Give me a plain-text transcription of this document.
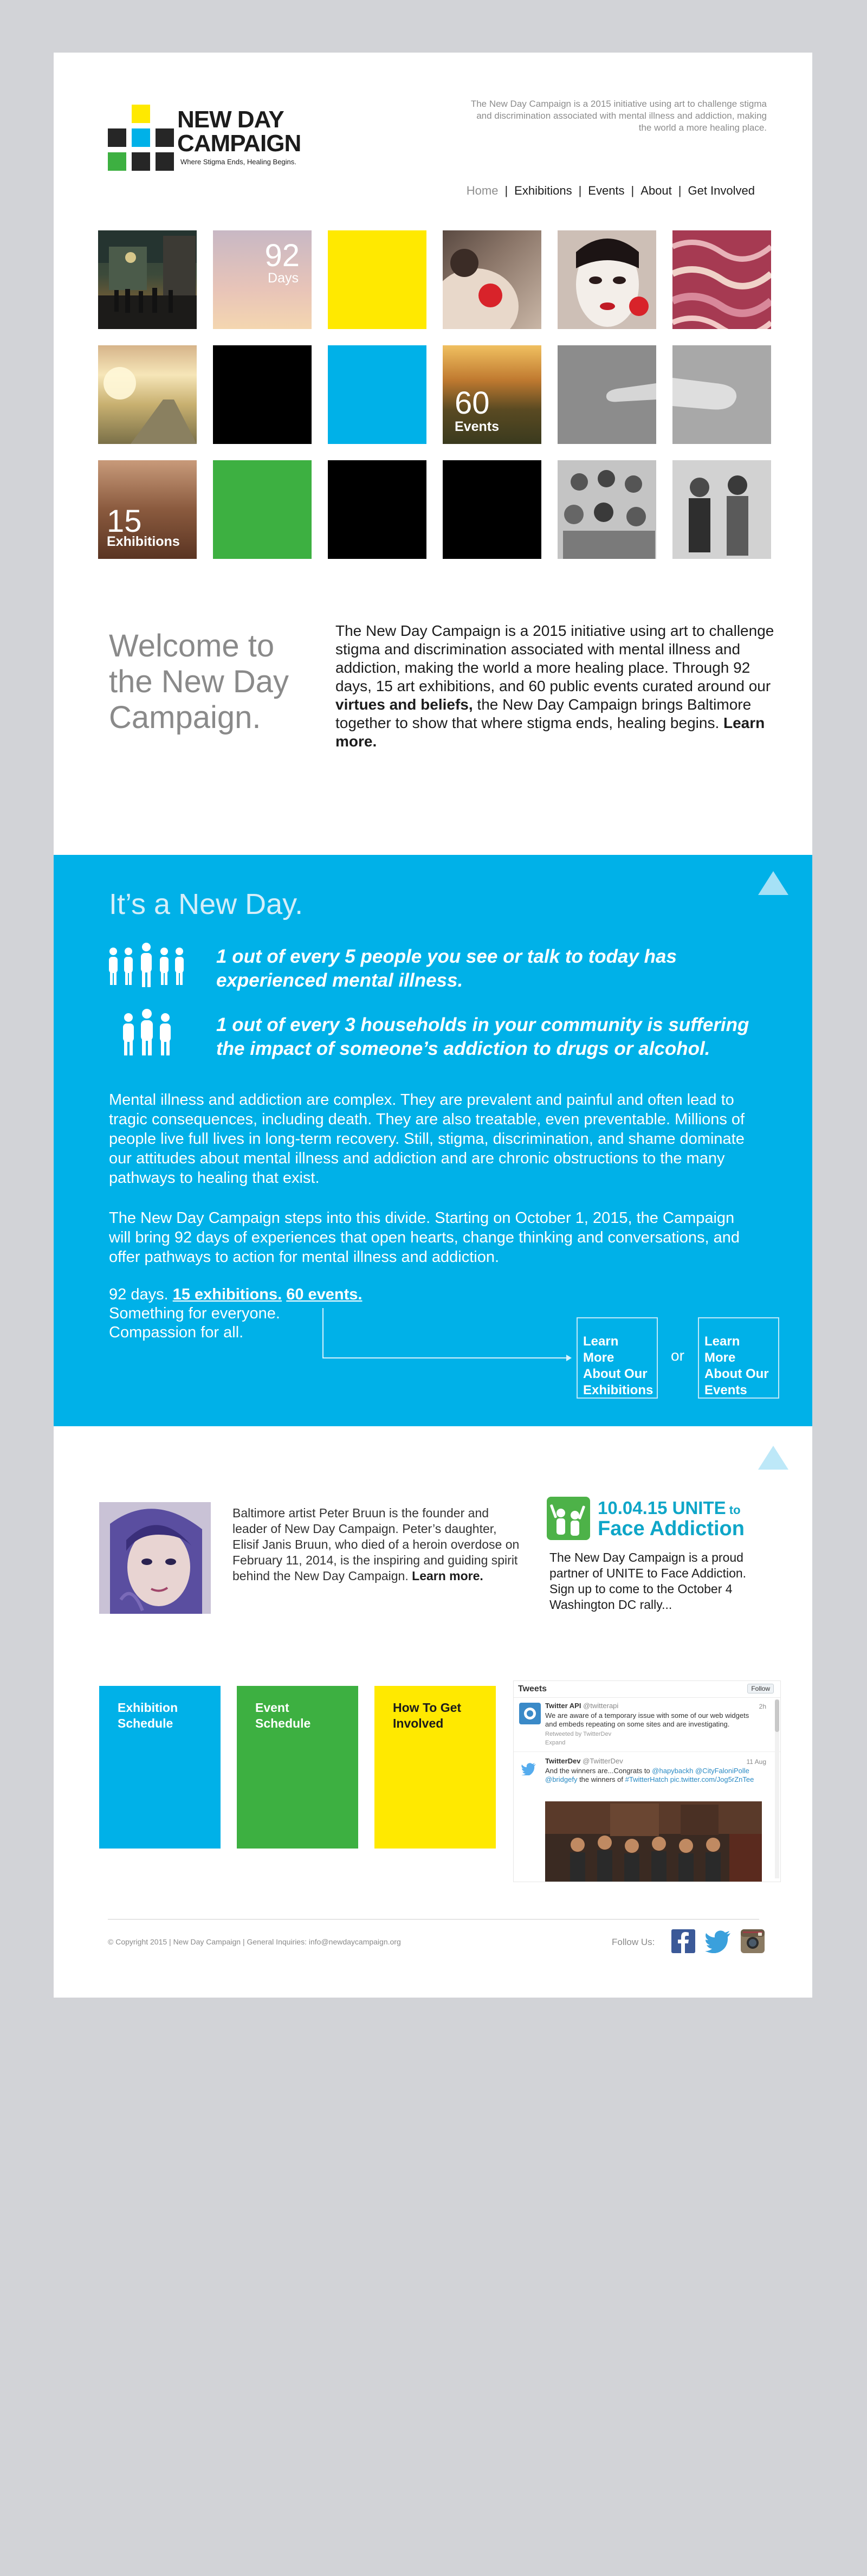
NEW DAY
CAMPAIGN
Where Stigma Ends, Healing Begins.
The New Day Campaign is a 2015 initiative using art to challenge stigma and discrimination associated with mental illness and addiction, making the world a more healing place.
Home | Exhibitions | Events | About | Get Involved
92
Days
60
Events
15
Exhibitions
Welcome to the New Day Campaign.

The New Day Campaign is a 2015 initiative using art to challenge stigma and discrimination associated with mental illness and addiction, making the world a more healing place. Through 92 days, 15 art exhibitions, and 60 public events curated around our virtues and beliefs, the New Day Campaign brings Baltimore together to show that where stigma ends, healing begins. Learn more.

It’s a New Day.
1 out of every 5 people you see or talk to today has experienced mental illness.
1 out of every 3 households in your community is suffering the impact of someone’s addiction to drugs or alcohol.

Mental illness and addiction are complex. They are prevalent and painful and often lead to tragic consequences, including death. They are also treatable, even preventable. Millions of people live full lives in long-term recovery. Still, stigma, discrimination, and shame dominate our attitudes about mental illness and addiction and are chronic obstructions to the many pathways to healing that exist.

The New Day Campaign steps into this divide. Starting on October 1, 2015, the Campaign will bring 92 days of experiences that open hearts, change thinking and conversations, and offer pathways to action for mental illness and addiction.

92 days. 15 exhibitions. 60 events.
Something for everyone.
Compassion for all.
Learn More About Our Exhibitions
or
Learn More About Our Events

Baltimore artist Peter Bruun is the founder and leader of New Day Campaign. Peter’s daughter, Elisif Janis Bruun, who died of a heroin overdose on February 11, 2014, is the inspiring and guiding spirit behind the New Day Campaign. Learn more.

10.04.15 UNITE to
Face Addiction

The New Day Campaign is a proud partner of UNITE to Face Addiction. Sign up to come to the October 4 Washington DC rally...

Exhibition Schedule
Event Schedule
How To Get Involved
Tweets	Follow
Twitter API @twitterapi	2h

We are aware of a temporary issue with some of our web widgets and embeds repeating on some sites and are investigating.

Retweeted by TwitterDev
Expand
TwitterDev @TwitterDev	11 Aug

And the winners are...Congrats to @hapybackh @CityFaloniPolle @bridgefy the winners of #TwitterHatch pic.twitter.com/Jog5rZnTee

© Copyright 2015 | New Day Campaign | General Inquiries: info@newdaycampaign.org	Follow Us:
